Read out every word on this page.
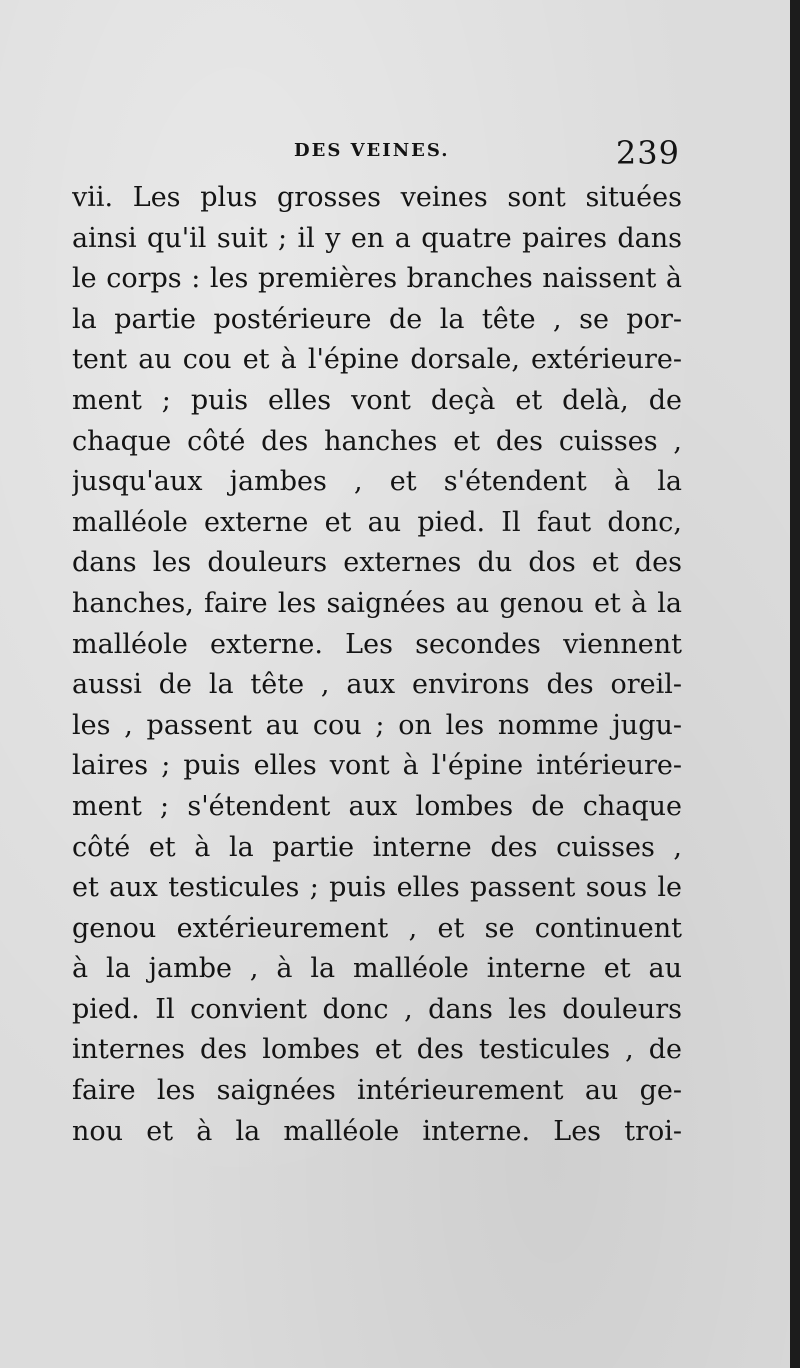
DES VEINES.	239
vii. Les plus grosses veines sont situées
ainsi qu'il suit ; il y en a quatre paires dans
le corps : les premières branches naissent à
la partie postérieure de la tête , se por-
tent au cou et à l'épine dorsale, extérieure-
ment ; puis elles vont deçà et delà, de
chaque côté des hanches et des cuisses ,
jusqu'aux jambes , et s'étendent à la
malléole externe et au pied. Il faut donc,
dans les douleurs externes du dos et des
hanches, faire les saignées au genou et à la
malléole externe. Les secondes viennent
aussi de la tête , aux environs des oreil-
les , passent au cou ; on les nomme jugu-
laires ; puis elles vont à l'épine intérieure-
ment ; s'étendent aux lombes de chaque
côté et à la partie interne des cuisses ,
et aux testicules ; puis elles passent sous le
genou extérieurement , et se continuent
à la jambe , à la malléole interne et au
pied. Il convient donc , dans les douleurs
internes des lombes et des testicules , de
faire les saignées intérieurement au ge-
nou et à la malléole interne. Les troi-
